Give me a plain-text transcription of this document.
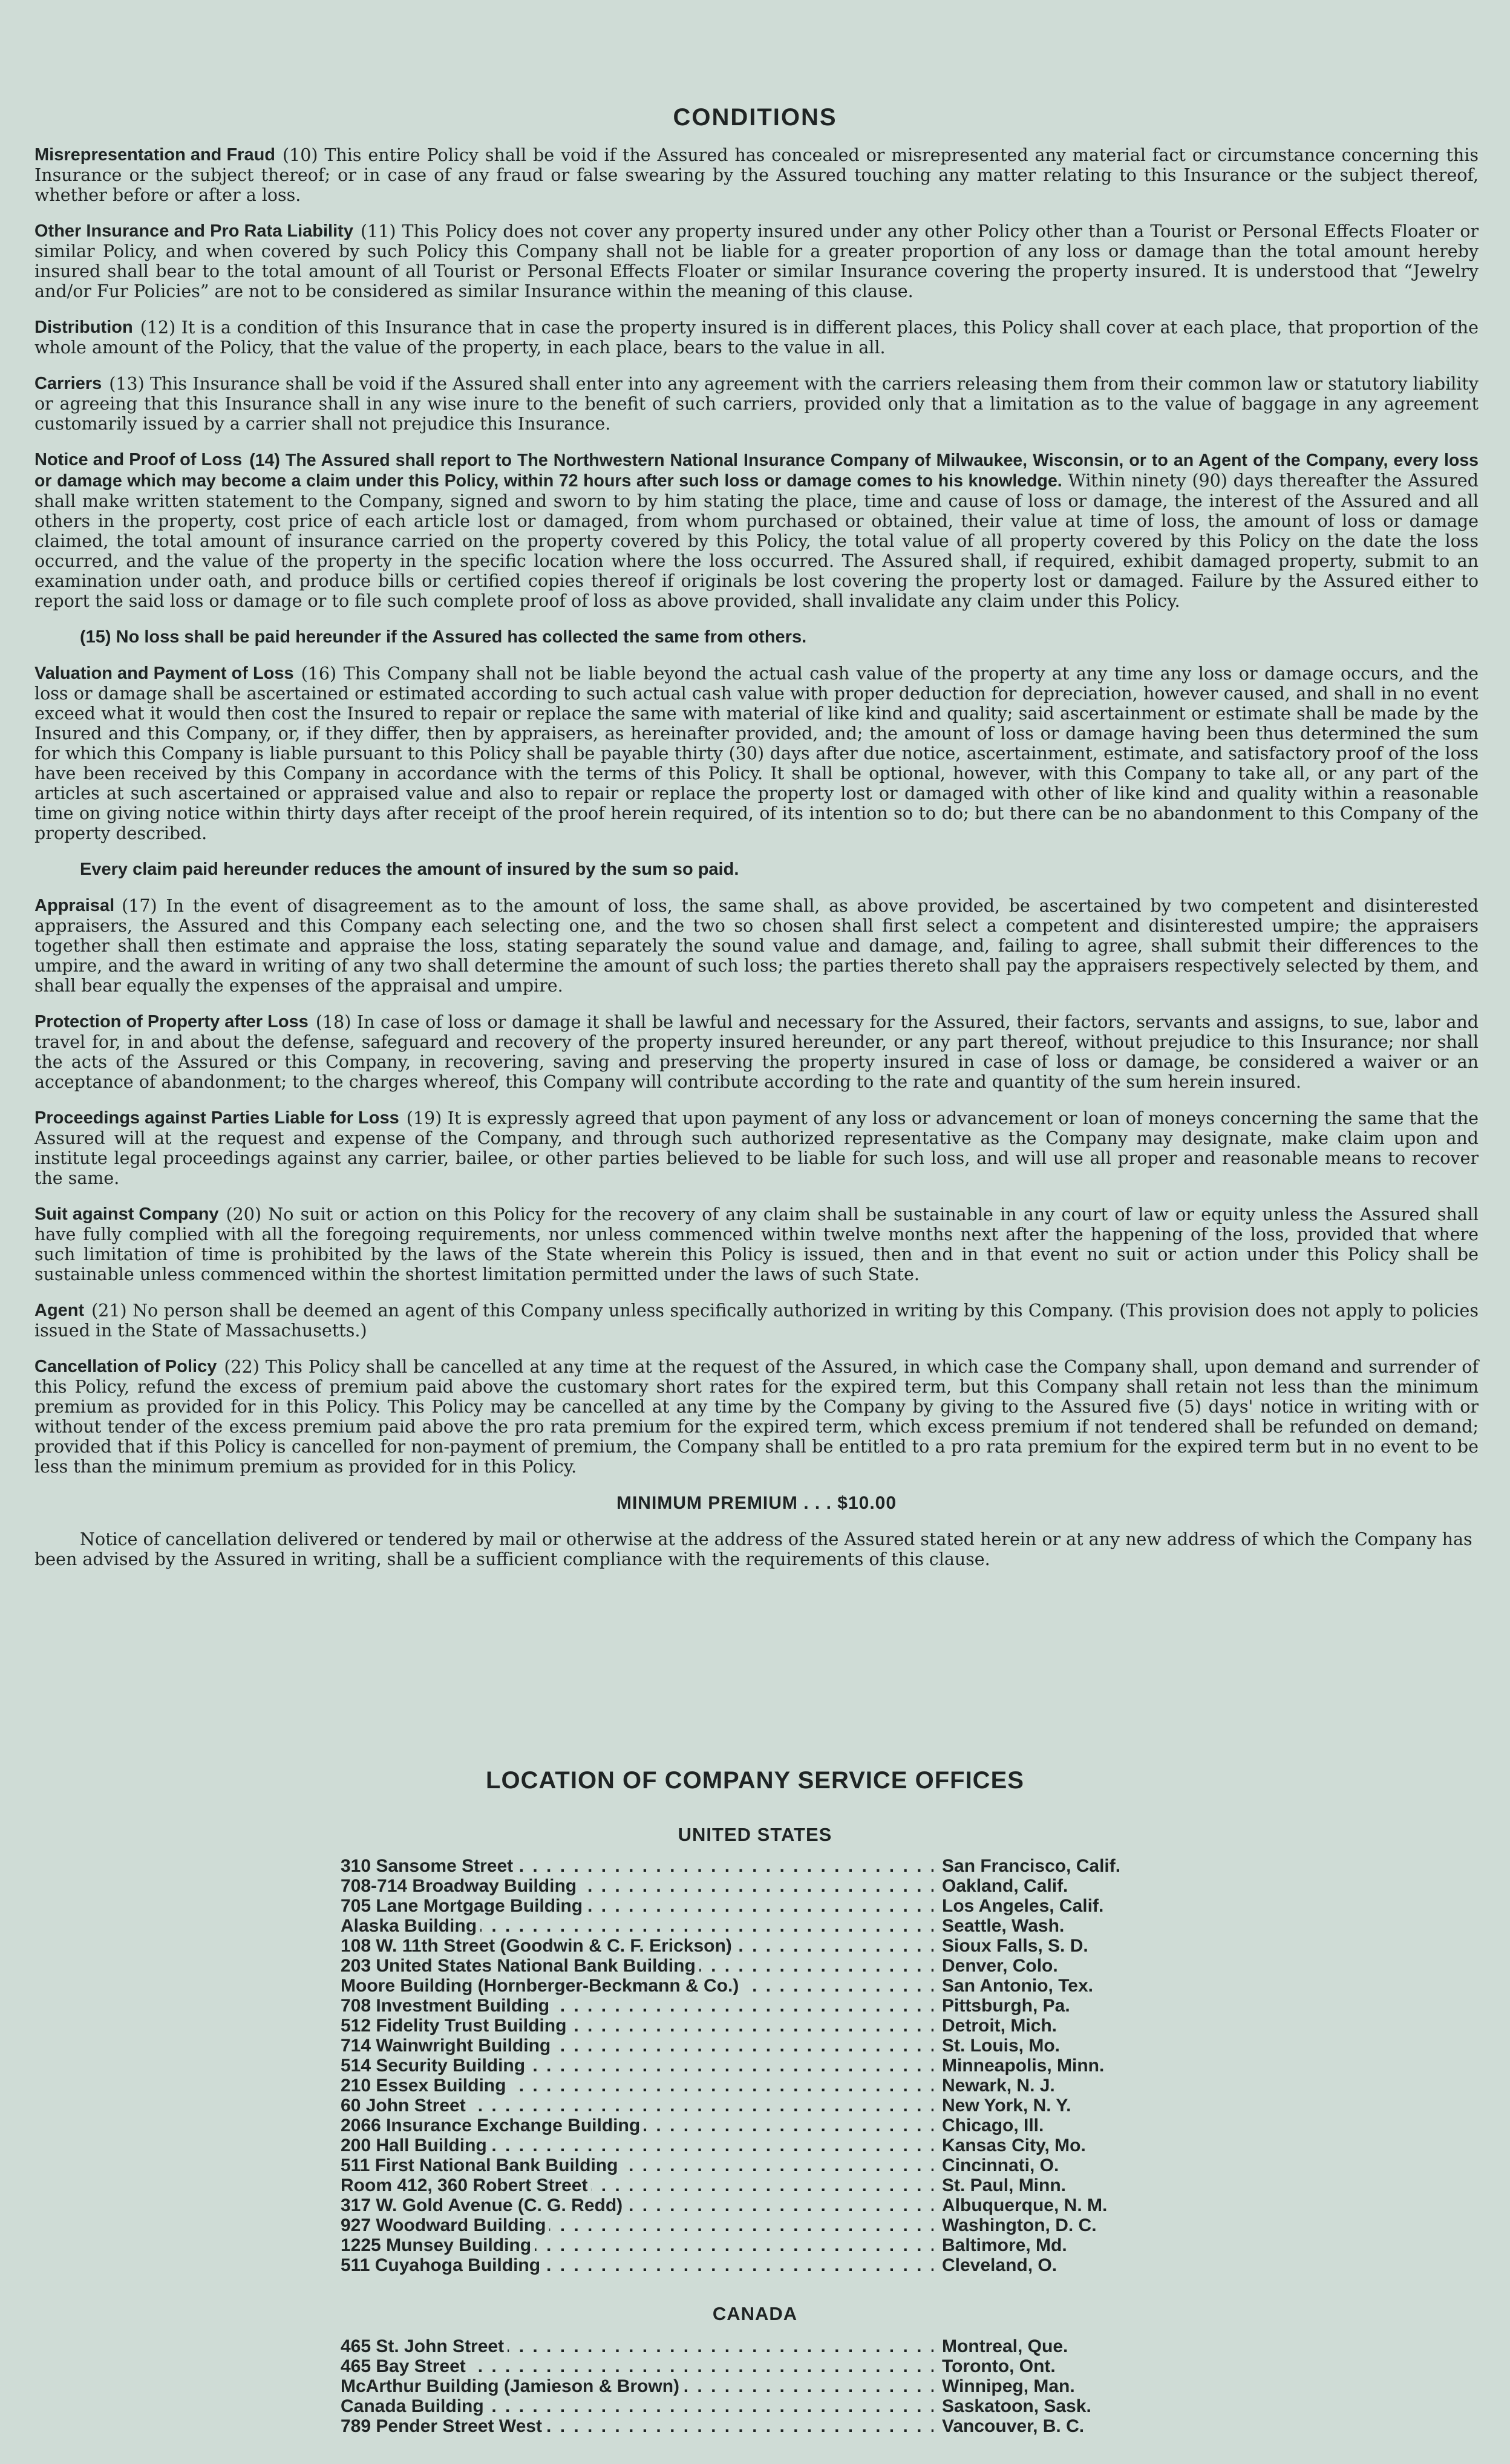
CONDITIONS

Misrepresentation and Fraud (10) This entire Policy shall be void if the Assured has concealed or misrepresented any material fact or circumstance concerning this Insurance or the subject thereof; or in case of any fraud or false swearing by the Assured touching any matter relating to this Insurance or the subject thereof, whether before or after a loss.

Other Insurance and Pro Rata Liability (11) This Policy does not cover any property insured under any other Policy other than a Tourist or Personal Effects Floater or similar Policy, and when covered by such Policy this Company shall not be liable for a greater proportion of any loss or damage than the total amount hereby insured shall bear to the total amount of all Tourist or Personal Effects Floater or similar Insurance covering the property insured. It is understood that “Jewelry and/or Fur Policies” are not to be considered as similar Insurance within the meaning of this clause.

Distribution (12) It is a condition of this Insurance that in case the property insured is in different places, this Policy shall cover at each place, that proportion of the whole amount of the Policy, that the value of the property, in each place, bears to the value in all.

Carriers (13) This Insurance shall be void if the Assured shall enter into any agreement with the carriers releasing them from their common law or statutory liability or agreeing that this Insurance shall in any wise inure to the benefit of such carriers, provided only that a limitation as to the value of baggage in any agreement customarily issued by a carrier shall not prejudice this Insurance.

Notice and Proof of Loss (14) The Assured shall report to The Northwestern National Insurance Company of Milwaukee, Wisconsin, or to an Agent of the Company, every loss or damage which may become a claim under this Policy, within 72 hours after such loss or damage comes to his knowledge. Within ninety (90) days thereafter the Assured shall make written statement to the Company, signed and sworn to by him stating the place, time and cause of loss or damage, the interest of the Assured and all others in the property, cost price of each article lost or damaged, from whom purchased or obtained, their value at time of loss, the amount of loss or damage claimed, the total amount of insurance carried on the property covered by this Policy, the total value of all property covered by this Policy on the date the loss occurred, and the value of the property in the specific location where the loss occurred. The Assured shall, if required, exhibit damaged property, submit to an examination under oath, and produce bills or certified copies thereof if originals be lost covering the property lost or damaged. Failure by the Assured either to report the said loss or damage or to file such complete proof of loss as above provided, shall invalidate any claim under this Policy.

(15) No loss shall be paid hereunder if the Assured has collected the same from others.

Valuation and Payment of Loss (16) This Company shall not be liable beyond the actual cash value of the property at any time any loss or damage occurs, and the loss or damage shall be ascertained or estimated according to such actual cash value with proper deduction for depreciation, however caused, and shall in no event exceed what it would then cost the Insured to repair or replace the same with material of like kind and quality; said ascertainment or estimate shall be made by the Insured and this Company, or, if they differ, then by appraisers, as hereinafter provided, and; the amount of loss or damage having been thus determined the sum for which this Company is liable pursuant to this Policy shall be payable thirty (30) days after due notice, ascertainment, estimate, and satisfactory proof of the loss have been received by this Company in accordance with the terms of this Policy. It shall be optional, however, with this Company to take all, or any part of the articles at such ascertained or appraised value and also to repair or replace the property lost or damaged with other of like kind and quality within a reasonable time on giving notice within thirty days after receipt of the proof herein required, of its intention so to do; but there can be no abandonment to this Company of the property described.

Every claim paid hereunder reduces the amount of insured by the sum so paid.

Appraisal (17) In the event of disagreement as to the amount of loss, the same shall, as above provided, be ascertained by two competent and disinterested appraisers, the Assured and this Company each selecting one, and the two so chosen shall first select a competent and disinterested umpire; the appraisers together shall then estimate and appraise the loss, stating separately the sound value and damage, and, failing to agree, shall submit their differences to the umpire, and the award in writing of any two shall determine the amount of such loss; the parties thereto shall pay the appraisers respectively selected by them, and shall bear equally the expenses of the appraisal and umpire.

Protection of Property after Loss (18) In case of loss or damage it shall be lawful and necessary for the Assured, their factors, servants and assigns, to sue, labor and travel for, in and about the defense, safeguard and recovery of the property insured hereunder, or any part thereof, without prejudice to this Insurance; nor shall the acts of the Assured or this Company, in recovering, saving and preserving the property insured in case of loss or damage, be considered a waiver or an acceptance of abandonment; to the charges whereof, this Company will contribute according to the rate and quantity of the sum herein insured.

Proceedings against Parties Liable for Loss (19) It is expressly agreed that upon payment of any loss or advancement or loan of moneys concerning the same that the Assured will at the request and expense of the Company, and through such authorized representative as the Company may designate, make claim upon and institute legal proceedings against any carrier, bailee, or other parties believed to be liable for such loss, and will use all proper and reasonable means to recover the same.

Suit against Company (20) No suit or action on this Policy for the recovery of any claim shall be sustainable in any court of law or equity unless the Assured shall have fully complied with all the foregoing requirements, nor unless commenced within twelve months next after the happening of the loss, provided that where such limitation of time is prohibited by the laws of the State wherein this Policy is issued, then and in that event no suit or action under this Policy shall be sustainable unless commenced within the shortest limitation permitted under the laws of such State.

Agent (21) No person shall be deemed an agent of this Company unless specifically authorized in writing by this Company. (This provision does not apply to policies issued in the State of Massachusetts.)

Cancellation of Policy (22) This Policy shall be cancelled at any time at the request of the Assured, in which case the Company shall, upon demand and surrender of this Policy, refund the excess of premium paid above the customary short rates for the expired term, but this Company shall retain not less than the minimum premium as provided for in this Policy. This Policy may be cancelled at any time by the Company by giving to the Assured five (5) days' notice in writing with or without tender of the excess premium paid above the pro rata premium for the expired term, which excess premium if not tendered shall be refunded on demand; provided that if this Policy is cancelled for non-payment of premium, the Company shall be entitled to a pro rata premium for the expired term but in no event to be less than the minimum premium as provided for in this Policy.

MINIMUM PREMIUM . . . $10.00

Notice of cancellation delivered or tendered by mail or otherwise at the address of the Assured stated herein or at any new address of which the Company has been advised by the Assured in writing, shall be a sufficient compliance with the requirements of this clause.

LOCATION OF COMPANY SERVICE OFFICES

UNITED STATES

310 Sansome Street . . .	San Francisco, Calif.
708-714 Broadway Building . . .	Oakland, Calif.
705 Lane Mortgage Building . . .	Los Angeles, Calif.
Alaska Building . . .	Seattle, Wash.
108 W. 11th Street (Goodwin & C. F. Erickson) . . .	Sioux Falls, S. D.
203 United States National Bank Building . . .	Denver, Colo.
Moore Building (Hornberger-Beckmann & Co.) . . .	San Antonio, Tex.
708 Investment Building . . .	Pittsburgh, Pa.
512 Fidelity Trust Building . . .	Detroit, Mich.
714 Wainwright Building . . .	St. Louis, Mo.
514 Security Building . . .	Minneapolis, Minn.
210 Essex Building . . .	Newark, N. J.
60 John Street . . .	New York, N. Y.
2066 Insurance Exchange Building . . .	Chicago, Ill.
200 Hall Building . . .	Kansas City, Mo.
511 First National Bank Building . . .	Cincinnati, O.
Room 412, 360 Robert Street . . .	St. Paul, Minn.
317 W. Gold Avenue (C. G. Redd) . . .	Albuquerque, N. M.
927 Woodward Building . . .	Washington, D. C.
1225 Munsey Building . . .	Baltimore, Md.
511 Cuyahoga Building . . .	Cleveland, O.

CANADA

465 St. John Street . . .	Montreal, Que.
465 Bay Street . . .	Toronto, Ont.
McArthur Building (Jamieson & Brown) . . .	Winnipeg, Man.
Canada Building . . .	Saskatoon, Sask.
789 Pender Street West . . .	Vancouver, B. C.
